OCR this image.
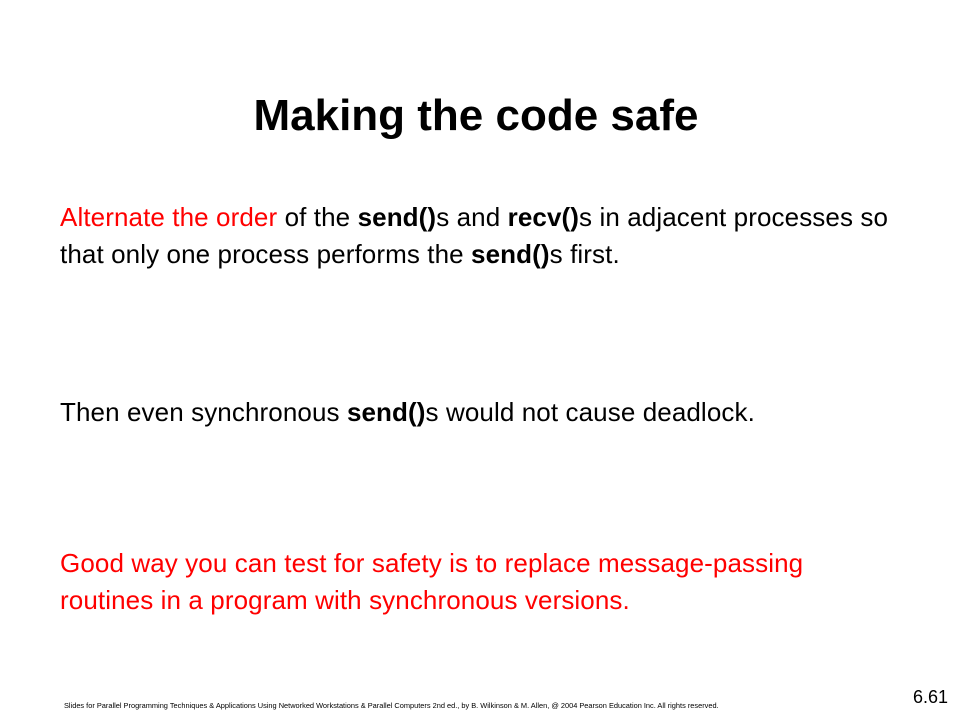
Making the code safe

Alternate the order of the send()s and recv()s in adjacent processes so that only one process performs the send()s first.

Then even synchronous send()s would not cause deadlock.

Good way you can test for safety is to replace message-passing routines in a program with synchronous versions.

Slides for Parallel Programming Techniques & Applications Using Networked Workstations & Parallel Computers 2nd ed., by B. Wilkinson & M. Allen, @ 2004 Pearson Education Inc. All rights reserved.	6.61
